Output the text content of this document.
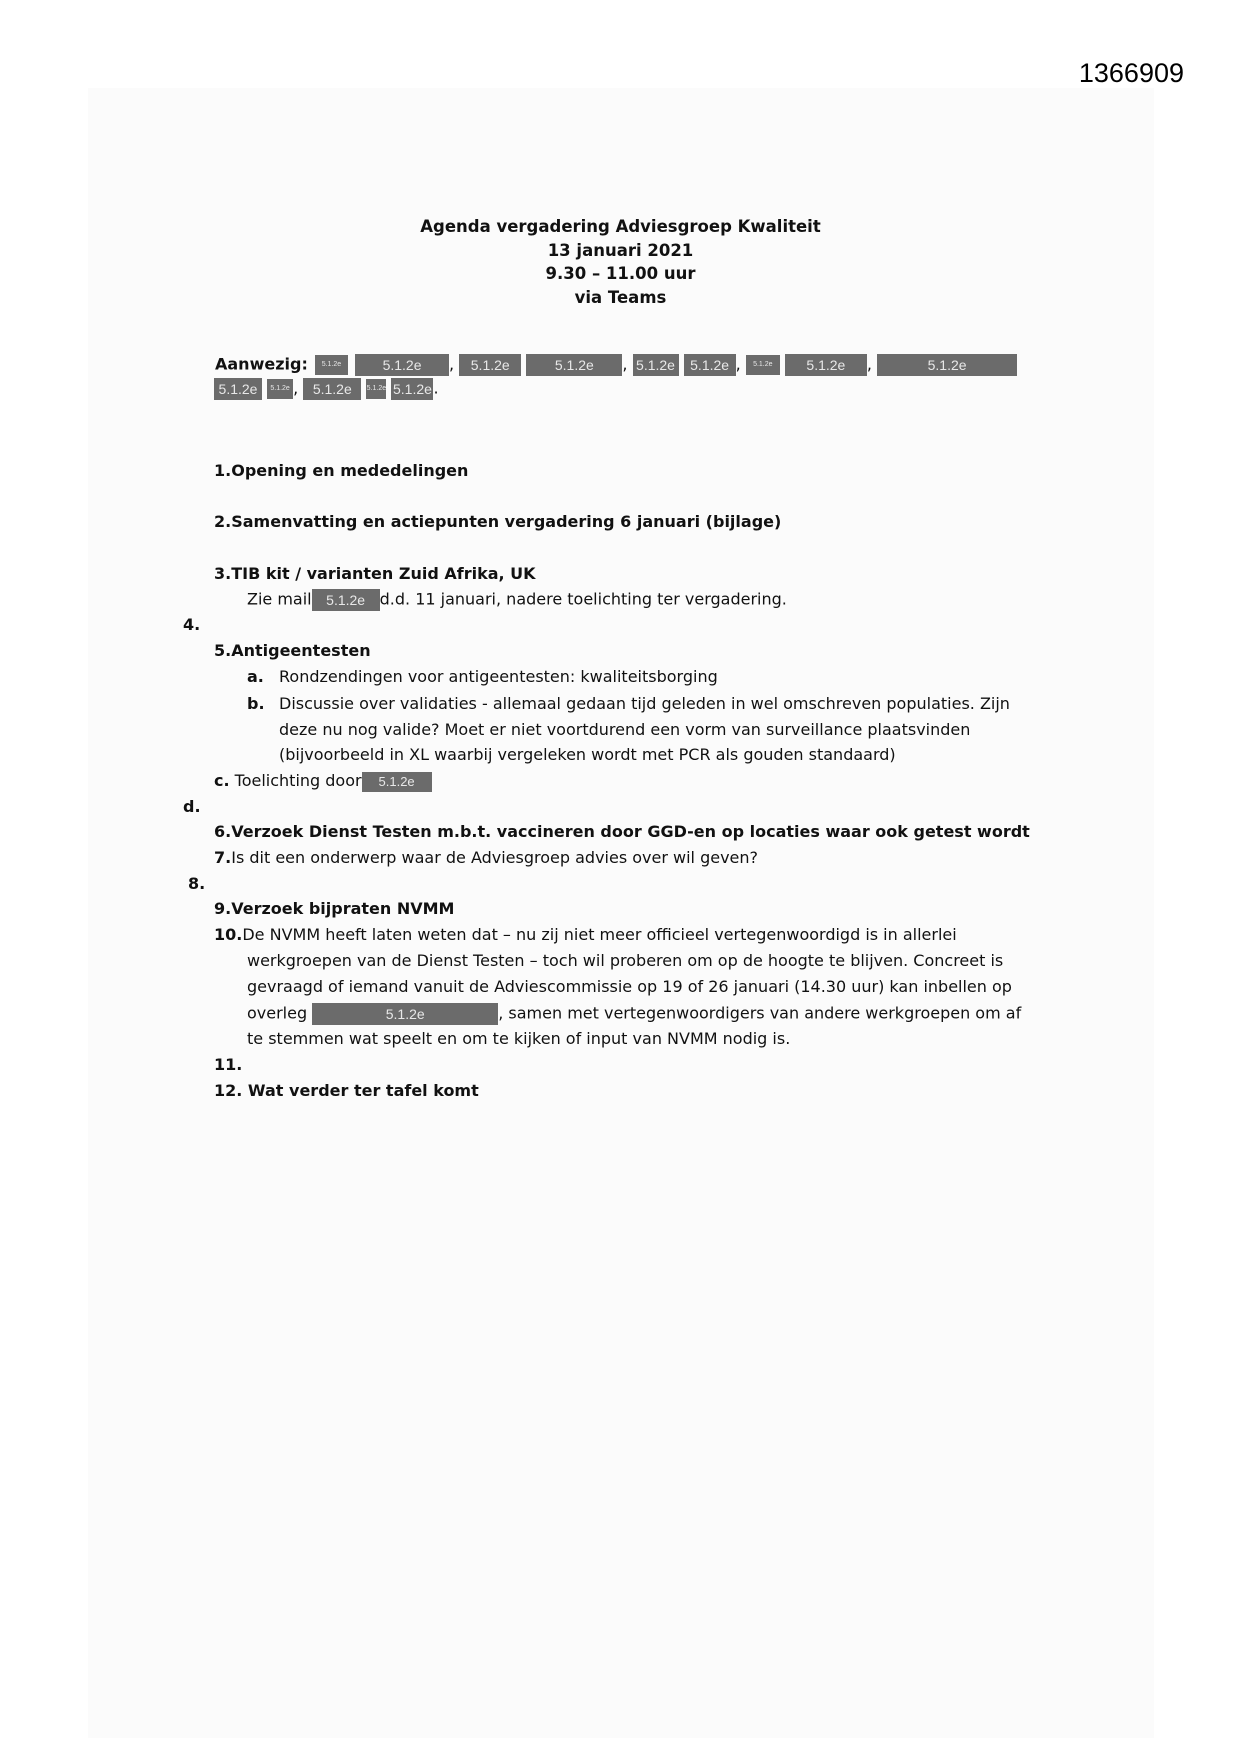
1366909
Agenda vergadering Adviesgroep Kwaliteit
13 januari 2021
9.30 – 11.00 uur
via Teams
Aanwezig: 5.1.2e	5.1.2e , 5.1.2e	5.1.2e , 5.1.2e 5.1.2e , 5.1.2e 5.1.2e ,	5.1.2e
5.1.2e 5.1.2e , 5.1.2e 5.1.2e 5.1.2e.
1.Opening en mededelingen
2.Samenvatting en actiepunten vergadering 6 januari (bijlage)
3.TIB kit / varianten Zuid Afrika, UK
Zie mail 5.1.2e d.d. 11 januari, nadere toelichting ter vergadering.
4.
5.Antigeentesten
a. Rondzendingen voor antigeentesten: kwaliteitsborging
b. Discussie over validaties - allemaal gedaan tijd geleden in wel omschreven populaties. Zijn
deze nu nog valide? Moet er niet voortdurend een vorm van surveillance plaatsvinden
(bijvoorbeeld in XL waarbij vergeleken wordt met PCR als gouden standaard)
c. Toelichting door 5.1.2e
d.
6.Verzoek Dienst Testen m.b.t. vaccineren door GGD-en op locaties waar ook getest wordt
7.Is dit een onderwerp waar de Adviesgroep advies over wil geven?
8.
9.Verzoek bijpraten NVMM
10.De NVMM heeft laten weten dat – nu zij niet meer officieel vertegenwoordigd is in allerlei
werkgroepen van de Dienst Testen – toch wil proberen om op de hoogte te blijven. Concreet is
gevraagd of iemand vanuit de Adviescommissie op 19 of 26 januari (14.30 uur) kan inbellen op
overleg	5.1.2e	, samen met vertegenwoordigers van andere werkgroepen om af
te stemmen wat speelt en om te kijken of input van NVMM nodig is.
11.
12. Wat verder ter tafel komt
